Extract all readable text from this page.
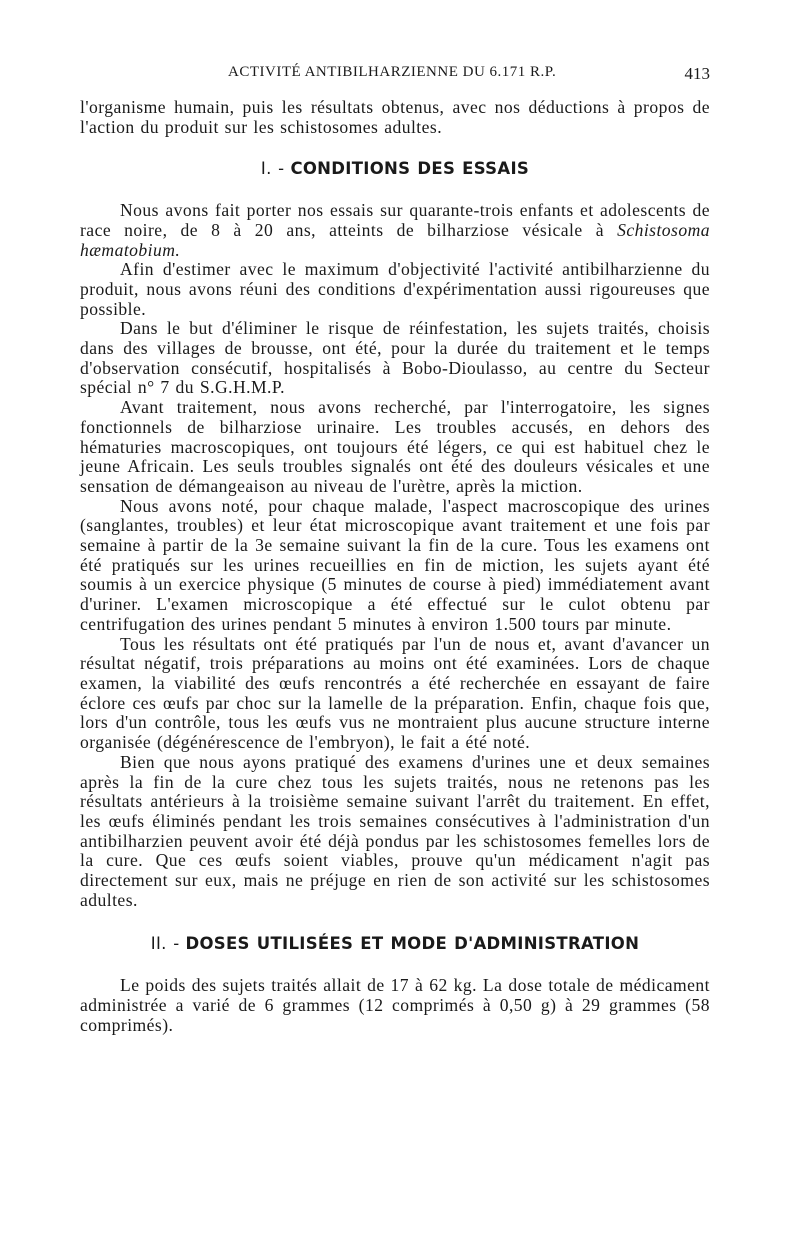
ACTIVITÉ ANTIBILHARZIENNE DU 6.171 R.P.	413

l'organisme humain, puis les résultats obtenus, avec nos déductions à propos de l'action du produit sur les schistosomes adultes.

I. - CONDITIONS DES ESSAIS

Nous avons fait porter nos essais sur quarante-trois enfants et adolescents de race noire, de 8 à 20 ans, atteints de bilharziose vésicale à Schistosoma hæmatobium.

Afin d'estimer avec le maximum d'objectivité l'activité antibilharzienne du produit, nous avons réuni des conditions d'expérimentation aussi rigoureuses que possible.

Dans le but d'éliminer le risque de réinfestation, les sujets traités, choisis dans des villages de brousse, ont été, pour la durée du traitement et le temps d'observation consécutif, hospitalisés à Bobo-Dioulasso, au centre du Secteur spécial n° 7 du S.G.H.M.P.

Avant traitement, nous avons recherché, par l'interrogatoire, les signes fonctionnels de bilharziose urinaire. Les troubles accusés, en dehors des hématuries macroscopiques, ont toujours été légers, ce qui est habituel chez le jeune Africain. Les seuls troubles signalés ont été des douleurs vésicales et une sensation de démangeaison au niveau de l'urètre, après la miction.

Nous avons noté, pour chaque malade, l'aspect macroscopique des urines (sanglantes, troubles) et leur état microscopique avant traitement et une fois par semaine à partir de la 3e semaine suivant la fin de la cure. Tous les examens ont été pratiqués sur les urines recueillies en fin de miction, les sujets ayant été soumis à un exercice physique (5 minutes de course à pied) immédiatement avant d'uriner. L'examen microscopique a été effectué sur le culot obtenu par centrifugation des urines pendant 5 minutes à environ 1.500 tours par minute.

Tous les résultats ont été pratiqués par l'un de nous et, avant d'avancer un résultat négatif, trois préparations au moins ont été examinées. Lors de chaque examen, la viabilité des œufs rencontrés a été recherchée en essayant de faire éclore ces œufs par choc sur la lamelle de la préparation. Enfin, chaque fois que, lors d'un contrôle, tous les œufs vus ne montraient plus aucune structure interne organisée (dégénérescence de l'embryon), le fait a été noté.

Bien que nous ayons pratiqué des examens d'urines une et deux semaines après la fin de la cure chez tous les sujets traités, nous ne retenons pas les résultats antérieurs à la troisième semaine suivant l'arrêt du traitement. En effet, les œufs éliminés pendant les trois semaines consécutives à l'administration d'un antibilharzien peuvent avoir été déjà pondus par les schistosomes femelles lors de la cure. Que ces œufs soient viables, prouve qu'un médicament n'agit pas directement sur eux, mais ne préjuge en rien de son activité sur les schistosomes adultes.

II. - DOSES UTILISÉES ET MODE D'ADMINISTRATION

Le poids des sujets traités allait de 17 à 62 kg. La dose totale de médicament administrée a varié de 6 grammes (12 comprimés à 0,50 g) à 29 grammes (58 comprimés).
